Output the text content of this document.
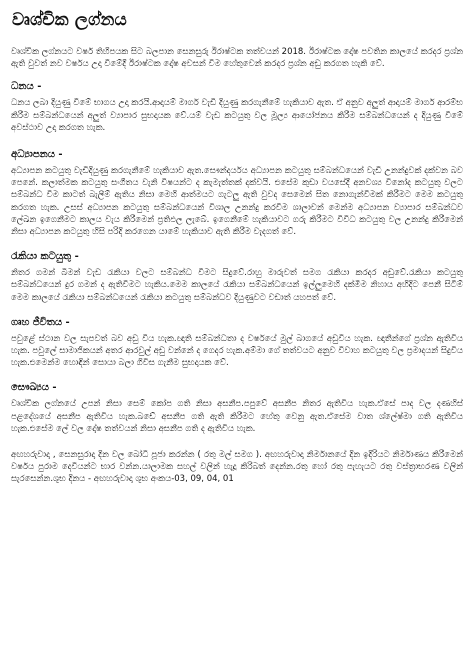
වෘශ්චික ලග්නය

වෘශ්චික ලග්නයට වර්ෂ තිහිපයක සිට බලපාන සෙනසුරු ඊරාෂ්ටක තත්වයන් 2018. ඊරාෂ්ටක දෝෂ පවතින කාලයේ කරදර ප්‍රශ්න ඇති වුවත් නව වර්ෂය උදා වීමේදී ඊරාෂ්ටක දෝෂ අවසන් වීම හේතුවෙන් කරදර ප්‍රශ්න අඩු කරගත හැකි වේ.

ධනය -

ධනය ලබා දියුණු වීමේ භාගය උදා කරයි.ආදායම් මාර්ග වැඩි දියුණු කරගැනීමේ හැකියාව ඇත. ඒ අනුව අලුත් ආදායම් මාර්ග ආරම්භ කිරීම සම්බන්ධයෙන් අලුත් ව්‍යාපාර සුභදායක වේ.යම් වැඩ කටයුතු වල මූල්‍ය ආයෝජනය කිරීම සම්බන්ධයෙන් ද දියුණු වීමේ අවස්ථාව උදා කරගත හැක.

අධ්‍යාපනය -

අධ්‍යාපන කටයුතු වැඩිදියුණු කරගැනීමේ හැකියාව ඇත.සෞන්දර්යය අධ්‍යාපන කටයුතු සම්බන්ධයෙන් වැඩි උනන්දුවක් දක්වන බව පෙනේ. කලාත්මක කටයුතු සංගීතය වැනි විෂයන්ට ද කැමැත්තක් දක්වයි. එසේම කුඩා වයසේදී අනවශ්‍ය විනෝද කටයුතු වලට සම්බන්ධ වීම කාටත් බැලීම් ඇතිය නිසා මෙහි ආත්මයට ගැටලු ඇති වුවද සෙමෙන් සිත නොගැන්වීමක් කිරීමට මෙම කටයුතු කරගත හැක. උසස් අධ්‍යාපන කටයුතු සම්බන්ධයෙන් විශාල උනන්දු කරවීම ශාලාවන් මෙන්ම අධ්‍යාපන ව්‍යාපාර සම්බන්ධව ලේඛන ඉගෙනීමට කාලය වැය කිරීමෙන් ප්‍රතිඵල ලැබේ. ඉගෙනීමේ හැකියාවට ගරු කිරීමට විවිධ කටයුතු වල උනන්දු කිරීමෙන් නිසා අධ්‍යාපන කටයුතු හිසි පරිදි කරගෙන යාමේ හැකියාව ඇති කිරීම වැදගත් වේ.

රැකියා කටයුතු -

නිතර ගමන් බිමන් වැඩ රැකියා වලට සම්බන්ධ වීමට සිදුවේ.රාහු මාරුවත් සමග රැකියා කරදර අඩුවේ.රැකියා කටයුතු සම්බන්ධයෙන් දුර ගමන් ද ඇතිවීමට හැකිය.මෙම කාලයේ රැකියා සම්බන්ධයෙන් ඉල්ලුමෙහි දක්මීම නිහාය අහිදිට පෙනී සිටීම් මෙම කාලයේ රැකියා සම්බන්ධයෙන් රැකියා කටයුතු සම්බන්ධව දියුණුවට වඩාත් යහපත් වේ.

ගෘහ ජීවිතය -

පවුළේ ස්ථාන වල සැපවත් බව අඩු විය හැක.ඥාති සම්බන්ධතා ද වර්ෂයේ මුල් බාගයේ අඩුවිය හැක. ඥාතීන්ගේ ප්‍රශ්න ඇතිවිය හැක. පවුලේ සාමාජිකයන් අතර ආරවුල් අඩු වන්නේ ද ගෙදර හැක.අම්මා ගේ තත්වයට අනුව විවාහ කටයුතු වල ප්‍රමාදයන් සිදුවිය හැක.එමෙන්ම හොඳින් සොයා බලා ගිවිස ගැනීම සුභදායක වේ.

සෞඛ්‍යය -

වෘශ්චික ලග්නයේ උපන් නිසා සෙම් කෝප ගති නිසා අසනීප.පපුවේ අසනීප නිතර ඇතිවිය හැක.ඒසේ පාද වල දණහිස් පළදේශයේ අසනීප ඇතිවිය හැක.බඩේ අසනීප ගති ඇති කිරීමට හේතු වෙනු ඇත.ඒසේම වාත ශ්ලේෂ්මා ගති ඇතිවිය හැක.එසේම ලේ වල දෝෂ තත්වයන් නිසා අසනීප ගති ද ඇතිවිය හැක.

අඟහරුවාදා , සෙනසුරාදා දින වල බෝධි පූජා කරන්න ( රතු මල් සමග ). අඟහරුවාදා නිර්මානයේ දින ඉදිරියට නිර්මාණය කිරීමෙන් වර්ෂය පුරාම දෙවියන්ට භාර වන්න.යාලාමක සහල් වලින් හැදූ කිරිබත් දෙන්න.රතු හෝ රතු පැහැයට රතු වස්ත්‍රාභරණ වලින් සැරසෙන්න.ශුභ දිනය - අඟහරුවාදා ශුභ අංකය-03, 09, 04, 01
